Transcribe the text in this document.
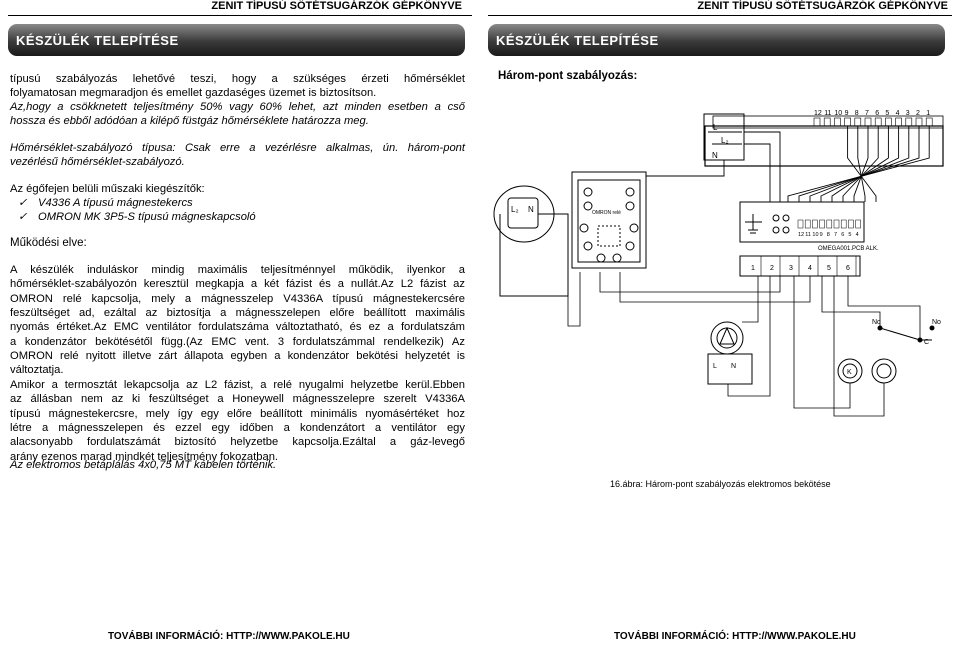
ZENIT TÍPUSÚ SÖTÉTSUGÁRZÓK GÉPKÖNYVE
KÉSZÜLÉK TELEPÍTÉSE
típusú szabályozás lehetővé teszi, hogy a szükséges érzeti hőmérséklet
folyamatosan megmaradjon és emellet gazdaséges üzemet is biztosítson.
Az,hogy a csökknetett teljesítmény 50% vagy 60% lehet, azt minden esetben a cső
hossza és ebből adódóan a kilépő füstgáz hőmérséklete határozza meg.
Hőmérséklet-szabályozó típusa: Csak erre a vezérlésre alkalmas, ún. három-pont
vezérlésű hőmérséklet-szabályozó.
Az égőfejen belüli műszaki kiegészítők:
✓ V4336 A típusú mágnestekercs
✓ OMRON MK 3P5-S típusú mágneskapcsoló
Működési elve:
A készülék induláskor mindig maximális teljesítménnyel működik, ilyenkor a
hőmérséklet-szabályozón keresztül megkapja a két fázist és a nullát.Az L2 fázist az
OMRON relé kapcsolja, mely a mágnesszelep V4336A típusú mágnestekercsére
feszültséget ad, ezáltal az biztosítja a mágnesszelepen előre beállított maximális
nyomás értéket.Az EMC ventilátor fordulatszáma változtatható, és ez a fordulatszám
a kondenzátor bekötésétől függ.(Az EMC vent. 3 fordulatszámmal rendelkezik) Az
OMRON relé nyitott illetve zárt állapota egyben a kondenzátor bekötési helyzetét is
változtatja.
Amikor a termosztát lekapcsolja az L2 fázist, a relé nyugalmi helyzetbe kerül.Ebben
az állásban nem az ki feszültséget a Honeywell mágnesszelepre szerelt V4336A
típusú mágnestekercsre, mely így egy előre beállított minimális nyomásértéket hoz
létre a mágnesszelepen és ezzel egy időben a kondenzátort a ventilátor egy
alacsonyabb fordulatszámát biztosító helyzetbe kapcsolja.Ezáltal a gáz-levegő
arány ezenos marad mindkét teljesítmény fokozatban.
Az elektromos betáplálás 4x0,75 MT kábelen történik.
TOVÁBBI INFORMÁCIÓ: HTTP://WWW.PAKOLE.HU
ZENIT TÍPUSÚ SÖTÉTSUGÁRZÓK GÉPKÖNYVE
KÉSZÜLÉK TELEPÍTÉSE
Három-pont szabályozás:
12 11 10 9 8 7 6 5 4 3 2 1
L
L₂
N
L₂ N	OMRON relé
OMEGA001.PCB ALK.
12 11 10 9 8 7 6 5 4
1 2 3 4 5 6
L N
Nc	No
C
K
16.ábra: Három-pont szabályozás elektromos bekötése
TOVÁBBI INFORMÁCIÓ: HTTP://WWW.PAKOLE.HU
